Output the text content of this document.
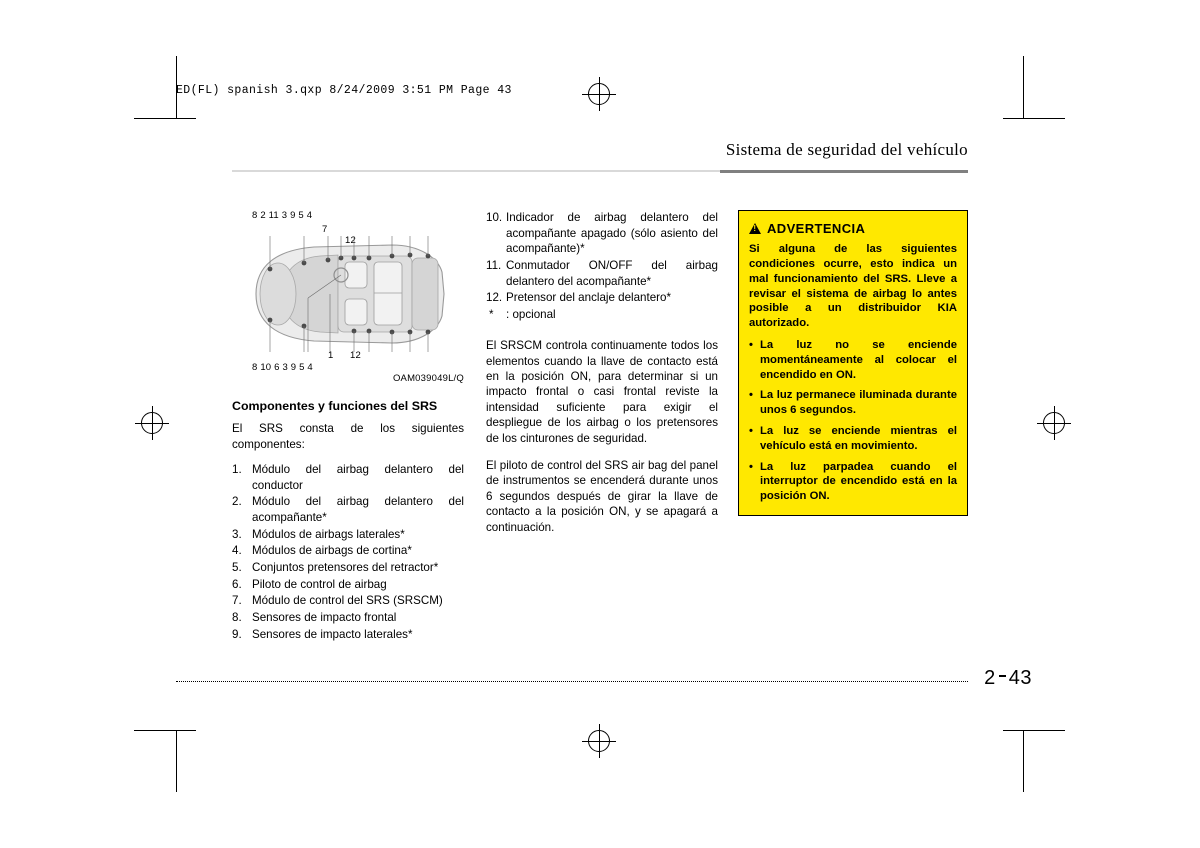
ED(FL) spanish 3.qxp 8/24/2009 3:51 PM Page 43
Sistema de seguridad del vehículo
8 2 11 3 9 5 4
7
12
1 12
8 10 6 3 9 5 4
OAM039049L/Q
Componentes y funciones del SRS

El SRS consta de los siguientes componentes:

1. Módulo del airbag delantero del conductor
2. Módulo del airbag delantero del acompañante*
3. Módulos de airbags laterales*
4. Módulos de airbags de cortina*
5. Conjuntos pretensores del retractor*
6. Piloto de control de airbag
7. Módulo de control del SRS (SRSCM)
8. Sensores de impacto frontal
9. Sensores de impacto laterales*
10. Indicador de airbag delantero del acompañante apagado (sólo asiento del acompañante)*
11. Conmutador ON/OFF del airbag delantero del acompañante*
12. Pretensor del anclaje delantero*
* : opcional

El SRSCM controla continuamente todos los elementos cuando la llave de contacto está en la posición ON, para determinar si un impacto frontal o casi frontal reviste la intensidad suficiente para exigir el despliegue de los airbag o los pretensores de los cinturones de seguridad.

El piloto de control del SRS air bag del panel de instrumentos se encenderá durante unos 6 segundos después de girar la llave de contacto a la posición ON, y se apagará a continuación.

!
ADVERTENCIA
Si alguna de las siguientes condiciones ocurre, esto indica un mal funcionamiento del SRS. Lleve a revisar el sistema de airbag lo antes posible a un distribuidor KIA autorizado.
• La luz no se enciende momentáneamente al colocar el encendido en ON.
• La luz permanece iluminada durante unos 6 segundos.
• La luz se enciende mientras el vehículo está en movimiento.
• La luz parpadea cuando el interruptor de encendido está en la posición ON.
2 43
